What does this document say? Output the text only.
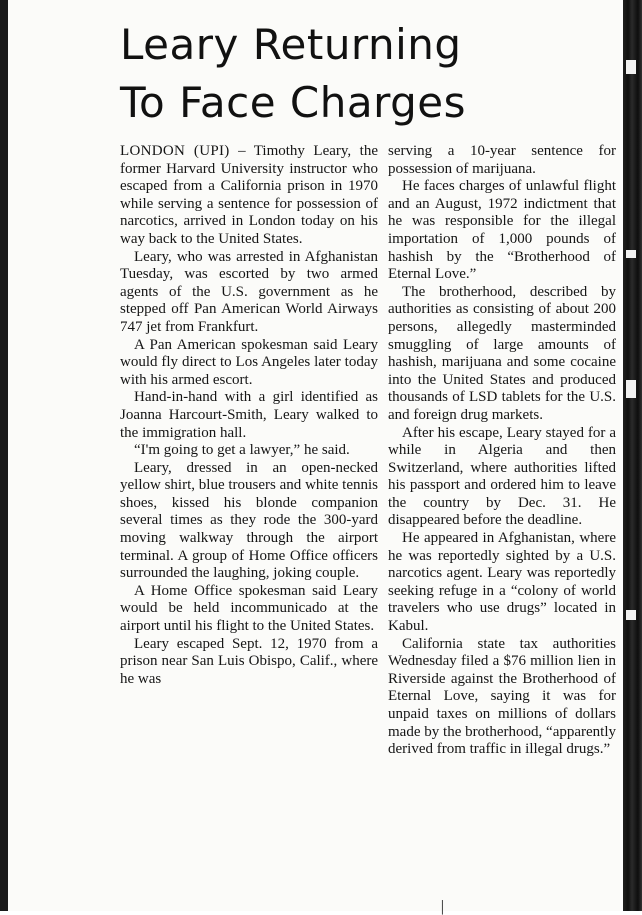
Leary Returning
To Face Charges

LONDON (UPI) – Timothy Leary, the former Harvard University instructor who escaped from a California prison in 1970 while serving a sentence for possession of narcotics, arrived in London today on his way back to the United States.

Leary, who was arrested in Afghanistan Tuesday, was escorted by two armed agents of the U.S. government as he stepped off Pan American World Airways 747 jet from Frankfurt.

A Pan American spokesman said Leary would fly direct to Los Angeles later today with his armed escort.

Hand-in-hand with a girl identified as Joanna Harcourt-Smith, Leary walked to the immigration hall.

“I'm going to get a lawyer,” he said.

Leary, dressed in an open-necked yellow shirt, blue trousers and white tennis shoes, kissed his blonde companion several times as they rode the 300-yard moving walkway through the airport terminal. A group of Home Office officers surrounded the laughing, joking couple.

A Home Office spokesman said Leary would be held incommunicado at the airport until his flight to the United States.

Leary escaped Sept. 12, 1970 from a prison near San Luis Obispo, Calif., where he was

serving a 10-year sentence for possession of marijuana.

He faces charges of unlawful flight and an August, 1972 indictment that he was responsible for the illegal importation of 1,000 pounds of hashish by the “Brotherhood of Eternal Love.”

The brotherhood, described by authorities as consisting of about 200 persons, allegedly masterminded smuggling of large amounts of hashish, marijuana and some cocaine into the United States and produced thousands of LSD tablets for the U.S. and foreign drug markets.

After his escape, Leary stayed for a while in Algeria and then Switzerland, where authorities lifted his passport and ordered him to leave the country by Dec. 31. He disappeared before the deadline.

He appeared in Afghanistan, where he was reportedly sighted by a U.S. narcotics agent. Leary was reportedly seeking refuge in a “colony of world travelers who use drugs” located in Kabul.

California state tax authorities Wednesday filed a $76 million lien in Riverside against the Brotherhood of Eternal Love, saying it was for unpaid taxes on millions of dollars made by the brotherhood, “apparently derived from traffic in illegal drugs.”

│
